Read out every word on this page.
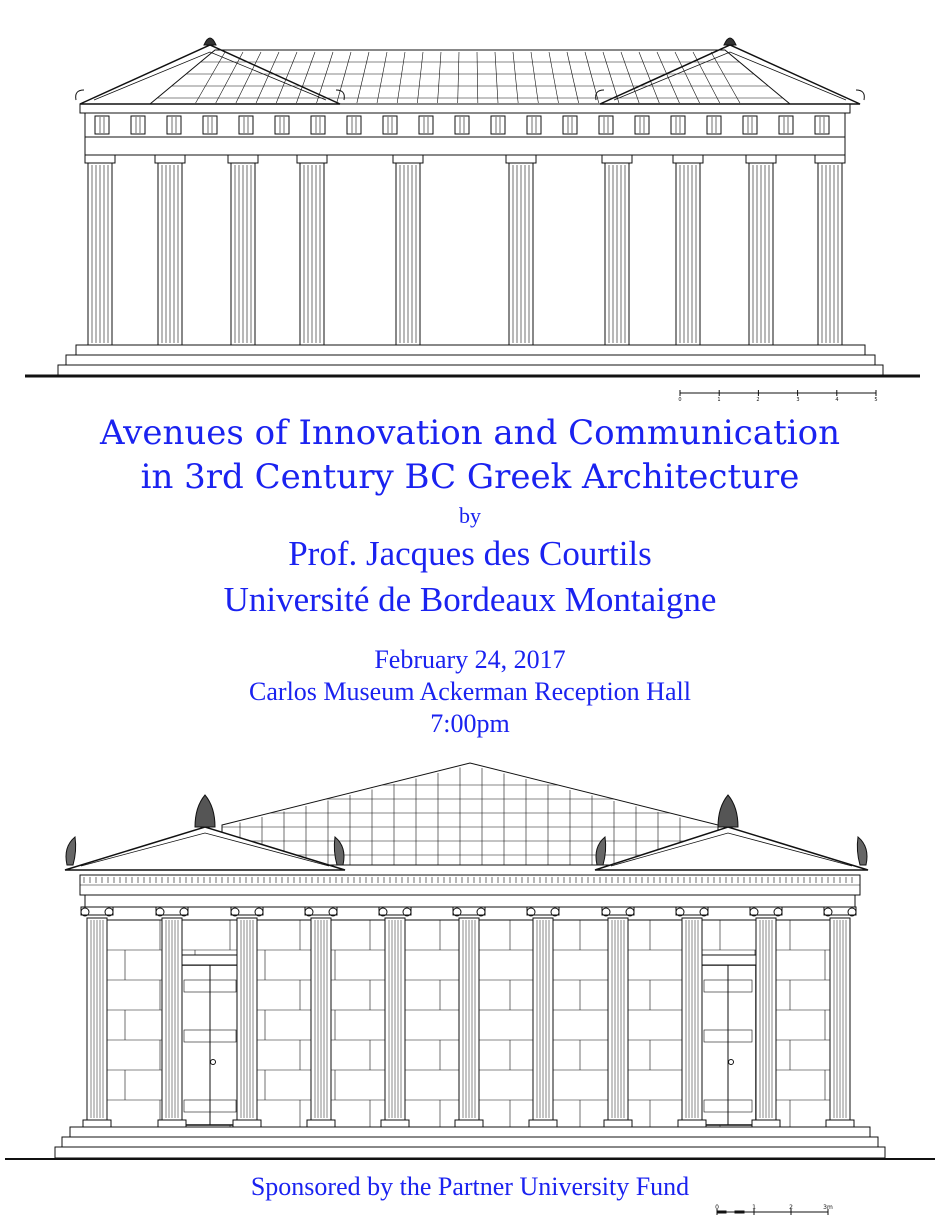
0	1	2	3	4	5
Avenues of Innovation and Communication
in 3rd Century BC Greek Architecture
by
Prof. Jacques des Courtils
Université de Bordeaux Montaigne
February 24, 2017
Carlos Museum Ackerman Reception Hall
7:00pm
Sponsored by the Partner University Fund
0	1	2	3m
